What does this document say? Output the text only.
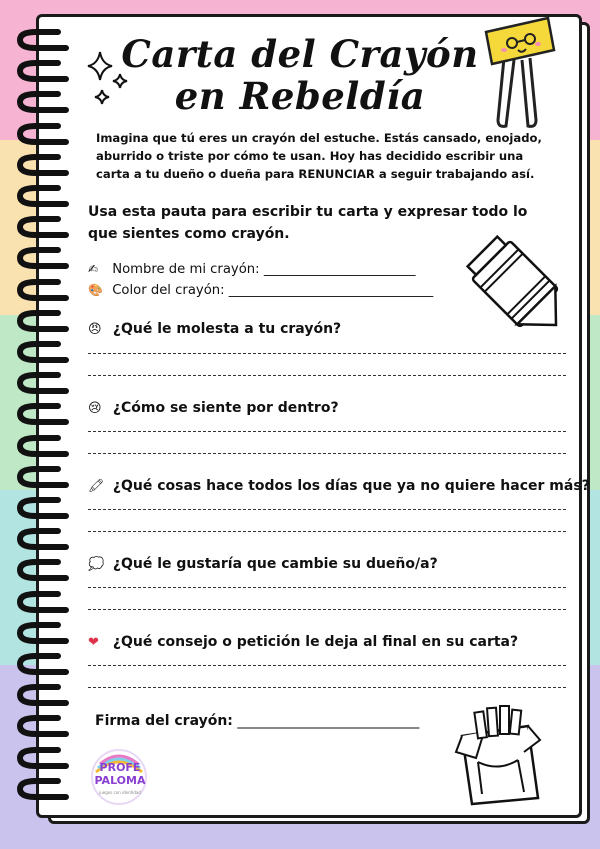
Carta del Crayón
en Rebeldía
Imagina que tú eres un crayón del estuche. Estás cansado, enojado, aburrido o triste por cómo te usan. Hoy has decidido escribir una carta a tu dueño o dueña para RENUNCIAR a seguir trabajando así.
Usa esta pauta para escribir tu carta y expresar todo lo que sientes como crayón.
✍ Nombre de mi crayón: _______________________
🎨 Color del crayón: _______________________________
😠 ¿Qué le molesta a tu crayón?
😢 ¿Cómo se siente por dentro?
🖍 ¿Qué cosas hace todos los días que ya no quiere hacer más?
💭 ¿Qué le gustaría que cambie su dueño/a?
❤ ¿Qué consejo o petición le deja al final en su carta?
Firma del crayón: __________________________
PROFE
PALOMA
juegos con identidad
